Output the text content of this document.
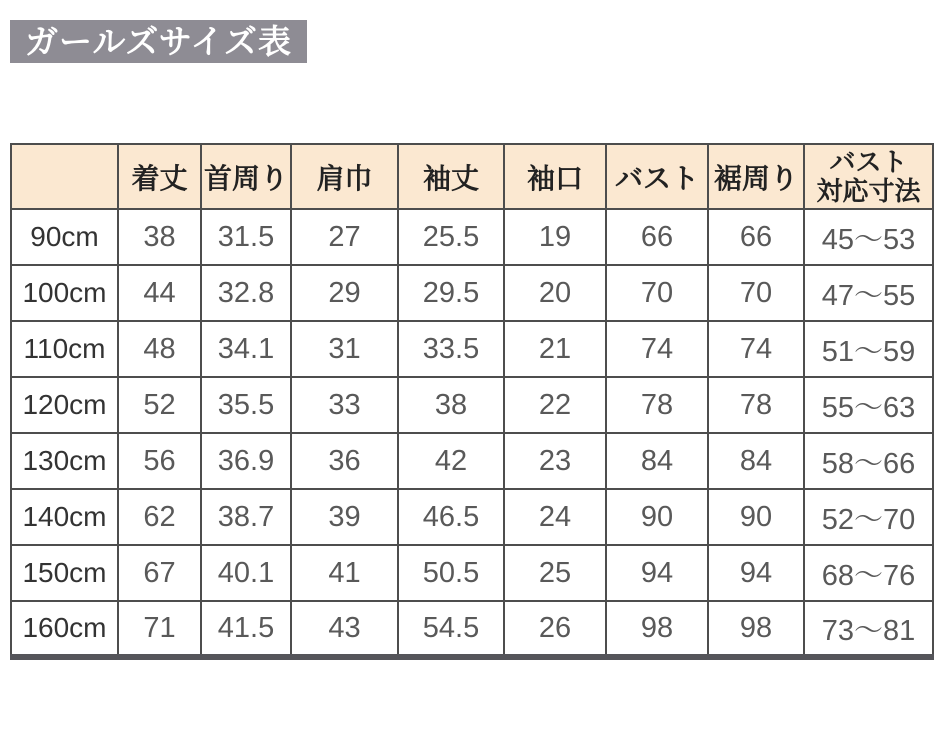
ガールズサイズ表
	着丈	首周り	肩巾	袖丈	袖口	バスト	裾周り	バスト
対応寸法

90cm	38	31.5	27	25.5	19	66	66	45〜53
100cm	44	32.8	29	29.5	20	70	70	47〜55
110cm	48	34.1	31	33.5	21	74	74	51〜59
120cm	52	35.5	33	38	22	78	78	55〜63
130cm	56	36.9	36	42	23	84	84	58〜66
140cm	62	38.7	39	46.5	24	90	90	52〜70
150cm	67	40.1	41	50.5	25	94	94	68〜76
160cm	71	41.5	43	54.5	26	98	98	73〜81
